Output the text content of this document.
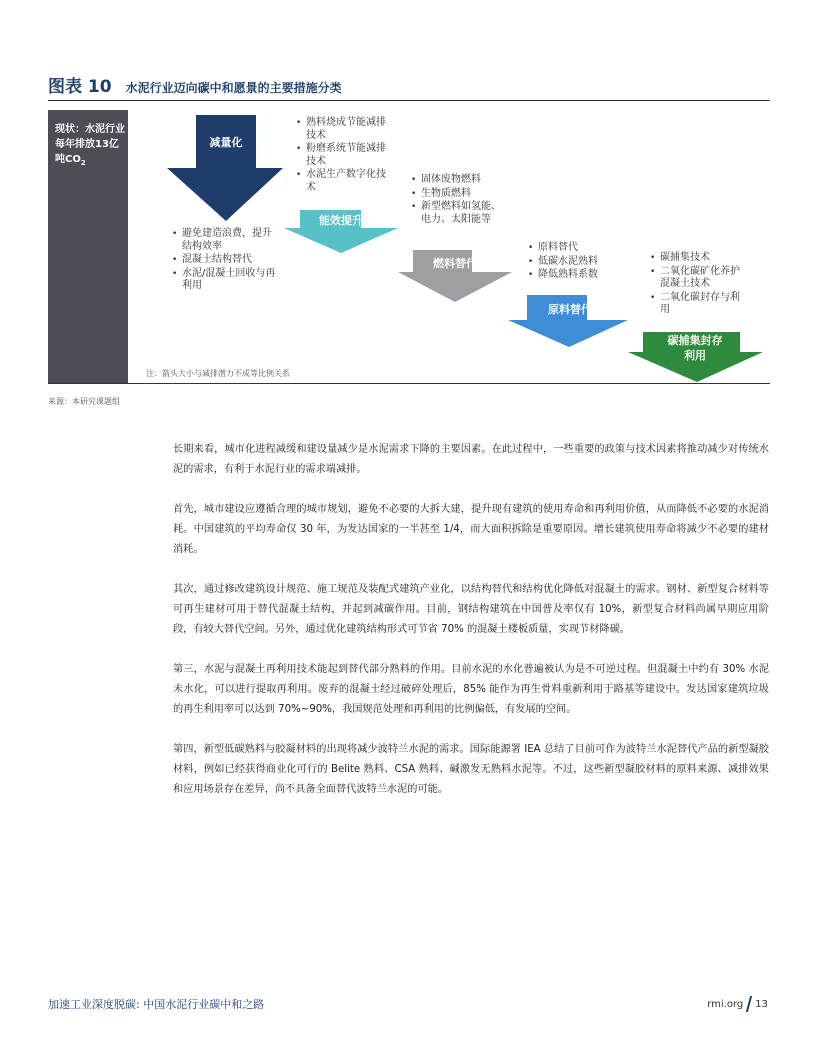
图表 10 水泥行业迈向碳中和愿景的主要措施分类
现状：水泥行业每年排放13亿吨$CO_2$
减量化
能效提升
燃料替代
原料替代
碳捕集封存利用
• 避免建造浪费，提升结构效率
• 混凝土结构替代
• 水泥/混凝土回收与再利用
• 熟料烧成节能减排技术
• 粉磨系统节能减排技术
• 水泥生产数字化技术
• 固体废物燃料
• 生物质燃料
• 新型燃料如氢能、电力、太阳能等
• 原料替代
• 低碳水泥熟料
• 降低熟料系数
• 碳捕集技术
• 二氧化碳矿化养护混凝土技术
• 二氧化碳封存与利用
注：箭头大小与减排潜力不成等比例关系
来源：本研究课题组

长期来看，城市化进程减缓和建设量减少是水泥需求下降的主要因素。在此过程中，一些重要的政策与技术因素将推动减少对传统水泥的需求，有利于水泥行业的需求端减排。

首先，城市建设应遵循合理的城市规划，避免不必要的大拆大建，提升现有建筑的使用寿命和再利用价值，从而降低不必要的水泥消耗。中国建筑的平均寿命仅 30 年，为发达国家的一半甚至 1/4，而大面积拆除是重要原因。增长建筑使用寿命将减少不必要的建材消耗。

其次，通过修改建筑设计规范、施工规范及装配式建筑产业化，以结构替代和结构优化降低对混凝土的需求。钢材、新型复合材料等可再生建材可用于替代混凝土结构，并起到减碳作用。目前，钢结构建筑在中国普及率仅有 10%，新型复合材料尚属早期应用阶段，有较大替代空间。另外，通过优化建筑结构形式可节省 70% 的混凝土楼板质量，实现节材降碳。

第三，水泥与混凝土再利用技术能起到替代部分熟料的作用。目前水泥的水化普遍被认为是不可逆过程。但混凝土中约有 30% 水泥未水化，可以进行提取再利用。废弃的混凝土经过破碎处理后，85% 能作为再生骨料重新利用于路基等建设中。发达国家建筑垃圾的再生利用率可以达到 70%~90%，我国规范处理和再利用的比例偏低，有发展的空间。

第四，新型低碳熟料与胶凝材料的出现将减少波特兰水泥的需求。国际能源署 IEA 总结了目前可作为波特兰水泥替代产品的新型凝胶材料，例如已经获得商业化可行的 Belite 熟料、CSA 熟料、碱激发无熟料水泥等。不过，这些新型凝胶材料的原料来源、减排效果和应用场景存在差异，尚不具备全面替代波特兰水泥的可能。

加速工业深度脱碳: 中国水泥行业碳中和之路	rmi.org 13
